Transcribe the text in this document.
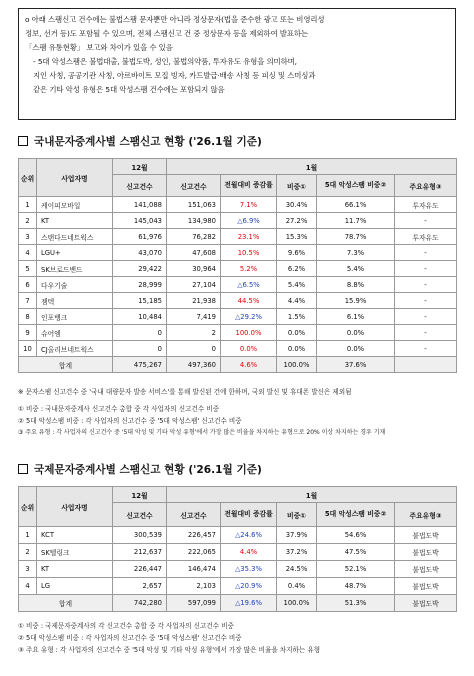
o 아래 스팸신고 건수에는 불법스팸 문자뿐만 아니라 정상문자(법을 준수한 광고 또는 비영리성

정보, 선거 등)도 포함될 수 있으며, 전체 스팸신고 건 중 정상문자 등을 제외하여 발표하는

「스팸 유통현황」 보고와 차이가 있을 수 있음

- 5대 악성스팸은 불법대출, 불법도박, 성인, 불법의약품, 투자유도 유형을 의미하며,

지인 사칭, 공공기관 사칭, 아르바이트 모집 빙자, 카드발급·배송 사칭 등 피싱 및 스미싱과

같은 기타 악성 유형은 5대 악성스팸 건수에는 포함되지 않음

국내문자중계사별 스팸신고 현황 ('26.1월 기준)
순위	사업자명	12월	1월				
		신고건수	신고건수	전월대비 증감률	비중①	5대 악성스팸 비중②	주요유형③
1	케이피모바일	141,088	151,063	7.1%	30.4%	66.1%	투자유도
2	KT	145,043	134,980	△6.9%	27.2%	11.7%	-
3	스탠다드네트웍스	61,976	76,282	23.1%	15.3%	78.7%	투자유도
4	LGU+	43,070	47,608	10.5%	9.6%	7.3%	-
5	SK브로드밴드	29,422	30,964	5.2%	6.2%	5.4%	-
6	다우기술	28,999	27,104	△6.5%	5.4%	8.8%	-
7	젬텍	15,185	21,938	44.5%	4.4%	15.9%	-
8	인포뱅크	10,484	7,419	△29.2%	1.5%	6.1%	-
9	슈어엠	0	2	100.0%	0.0%	0.0%	-
10	CJ올리브네트웍스	0	0	0.0%	0.0%	0.0%	-
합계		475,267	497,360	4.6%	100.0%	37.6%	
※ 문자스팸 신고건수 중 '국내 대량문자 발송 서비스'를 통해 발신된 건에 한하며, 국외 발신 및 휴대폰 발신은 제외됨
① 비중 : 국내문자중계사 신고건수 총합 중 각 사업자의 신고건수 비중
② 5대 악성스팸 비중 : 각 사업자의 신고건수 중 '5대 악성스팸' 신고건수 비중
③ 주요 유형 : 각 사업자의 신고건수 중 '5대 악성 및 기타 악성 유형'에서 가장 많은 비율을 차지하는 유형으로 20% 이상 차지하는 경우 기재
국제문자중계사별 스팸신고 현황 ('26.1월 기준)
순위	사업자명	12월	1월				
		신고건수	신고건수	전월대비 증감률	비중①	5대 악성스팸 비중②	주요유형③
1	KCT	300,539	226,457	△24.6%	37.9%	54.6%	불법도박
2	SK텔링크	212,637	222,065	4.4%	37.2%	47.5%	불법도박
3	KT	226,447	146,474	△35.3%	24.5%	52.1%	불법도박
4	LG	2,657	2,103	△20.9%	0.4%	48.7%	불법도박
합계		742,280	597,099	△19.6%	100.0%	51.3%	불법도박
① 비중 : 국제문자중계사의 각 신고건수 총합 중 각 사업자의 신고건수 비중
② 5대 악성스팸 비중 : 각 사업자의 신고건수 중 '5대 악성스팸' 신고건수 비중
③ 주요 유형 : 각 사업자의 신고건수 중 '5대 악성 및 기타 악성 유형'에서 가장 많은 비율을 차지하는 유형
